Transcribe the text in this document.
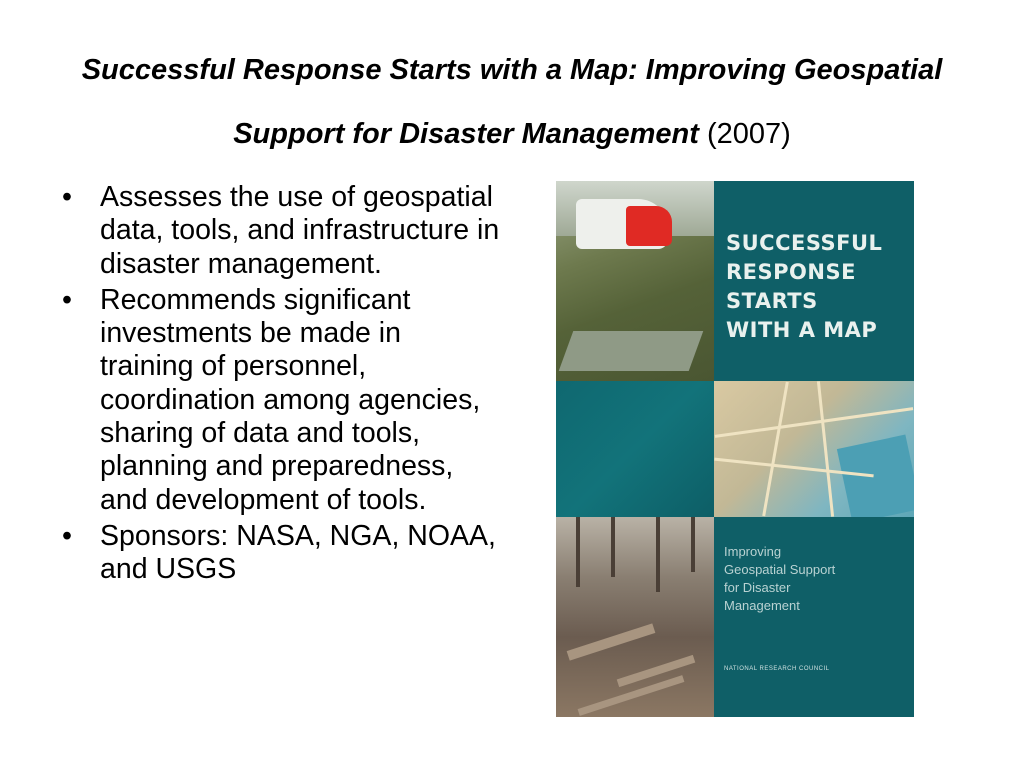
Successful Response Starts with a Map: Improving Geospatial Support for Disaster Management (2007)
• Assesses the use of geospatial data, tools, and infrastructure in disaster management.
• Recommends significant investments be made in training of personnel, coordination among agencies, sharing of data and tools, planning and preparedness, and development of tools.
• Sponsors: NASA, NGA, NOAA, and USGS
SUCCESSFUL
RESPONSE
STARTS
WITH A MAP
Improving
Geospatial Support
for Disaster
Management
NATIONAL RESEARCH COUNCIL
